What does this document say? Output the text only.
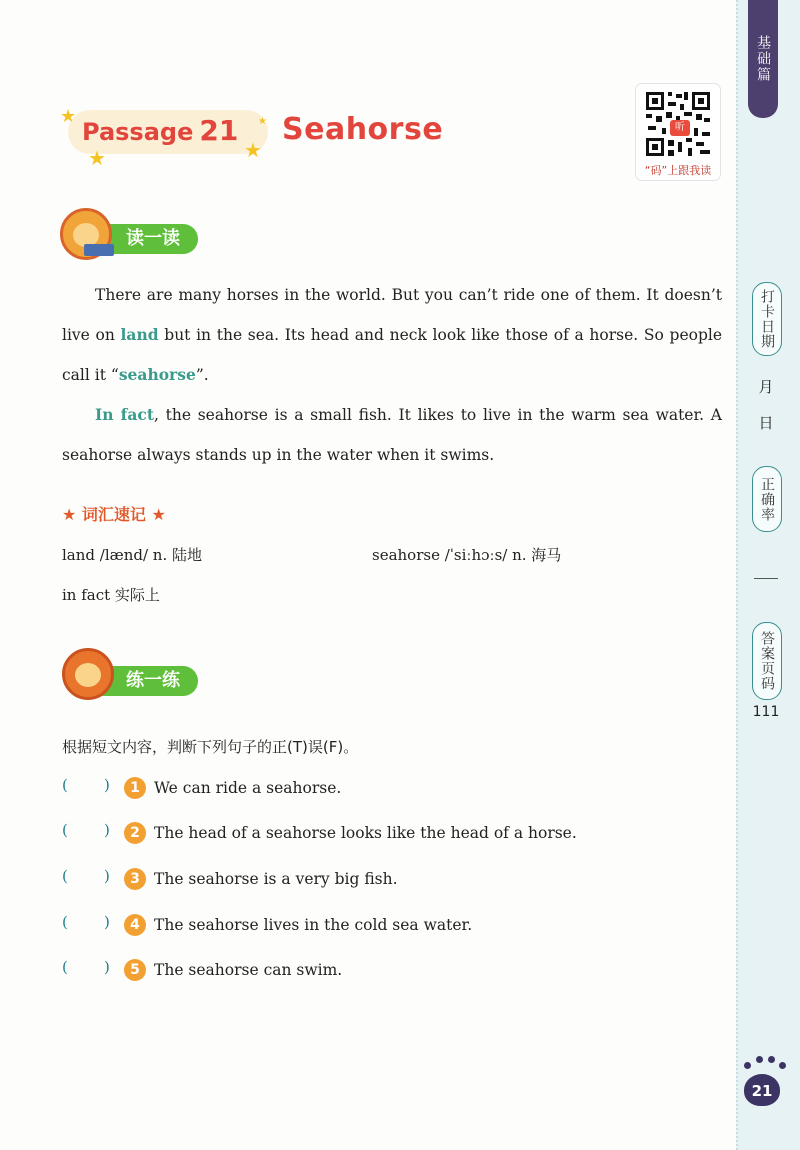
基础篇
打卡日期
月
日
正确率
答案页码
111
★
★	★
★
Passage 21 Seahorse	听
“码”上跟我读
读一读
There are many horses in the world. But you can’t ride one of them. It doesn’t live on land but in the sea. Its head and neck look like those of a horse. So people call it “seahorse”.
In fact, the seahorse is a small fish. It likes to live in the warm sea water. A seahorse always stands up in the water when it swims.
★ 词汇速记 ★
land /lænd/ n. 陆地	seahorse /ˈsiːhɔːs/ n. 海马
in fact 实际上
练一练
根据短文内容，判断下列句子的正(T)误(F)。
( )	1 We can ride a seahorse.
( )	2 The head of a seahorse looks like the head of a horse.
( )	3 The seahorse is a very big fish.
( )	4 The seahorse lives in the cold sea water.
( )	5 The seahorse can swim.
21
